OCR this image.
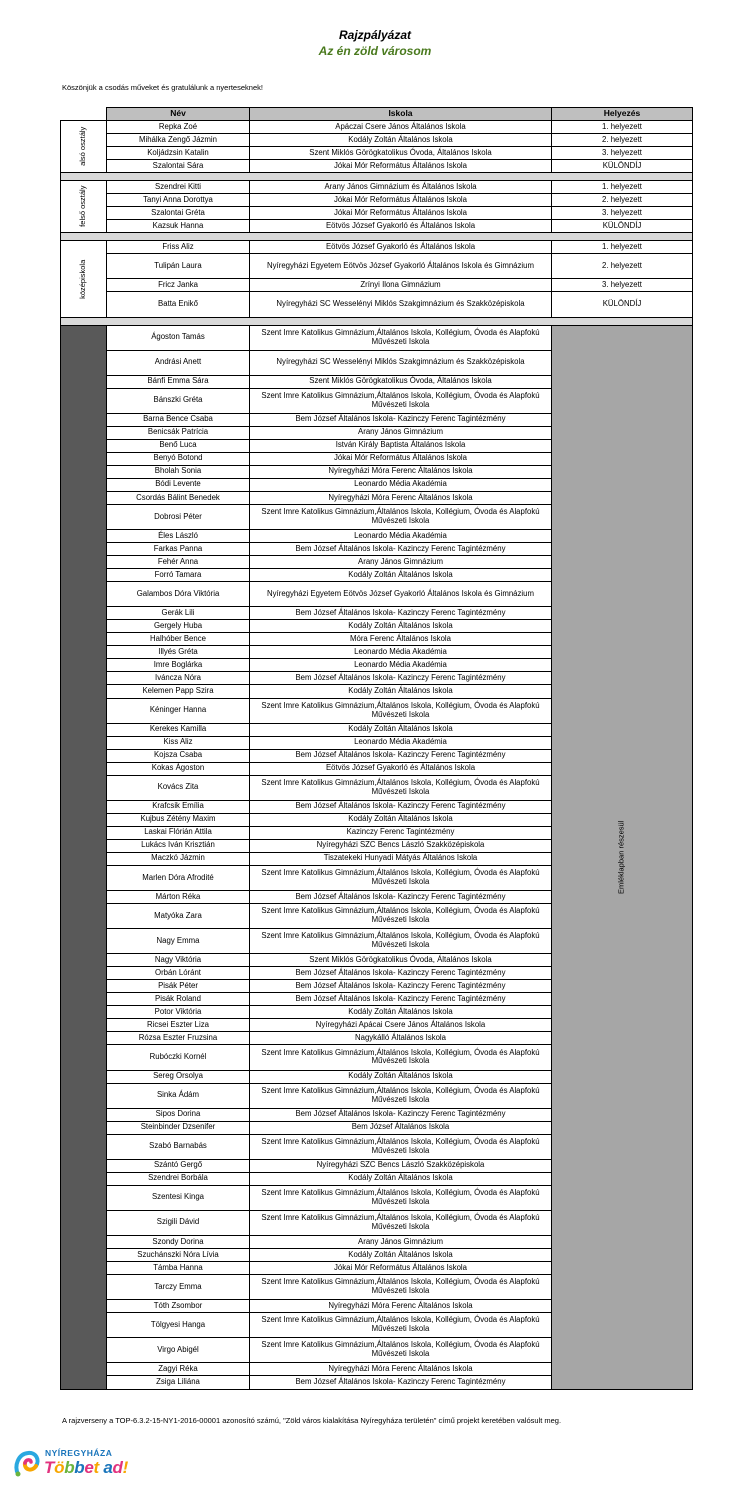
Rajzpályázat
Az én zöld városom
Köszönjük a csodás műveket és gratulálunk a nyerteseknek!
	Név	Iskola	Helyezés

alsó osztály	Repka Zoé	Apáczai Csere János Általános Iskola	1. helyezett
	Mihálka Zengő Jázmin	Kodály Zoltán Általános Iskola	2. helyezett
	Koljádzsin Katalin	Szent Miklós Görögkatolikus Óvoda, Általános Iskola	3. helyezett
	Szalontai Sára	Jókai Mór Református Általános Iskola	KÜLÖNDÍJ

felső osztály	Szendrei Kitti	Arany János Gimnázium és Általános Iskola	1. helyezett
	Tanyi Anna Dorottya	Jókai Mór Református Általános Iskola	2. helyezett
	Szalontai Gréta	Jókai Mór Református Általános Iskola	3. helyezett
	Kazsuk Hanna	Eötvös József Gyakorló és Általános Iskola	KÜLÖNDÍJ

középiskola	Friss Aliz	Eötvös József Gyakorló és Általános Iskola	1. helyezett
	Tulipán Laura	Nyíregyházi Egyetem Eötvös József Gyakorló Általános Iskola és Gimnázium	2. helyezett
	Fricz Janka	Zrínyi Ilona Gimnázium	3. helyezett
	Batta Enikő	Nyíregyházi SC Wesselényi Miklós Szakgimnázium és Szakközépiskola	KÜLÖNDÍJ

	Ágoston Tamás	Szent Imre Katolikus Gimnázium,Általános Iskola, Kollégium, Óvoda és Alapfokú Művészeti Iskola	Emléklapban részesül

	Andrási Anett	Nyíregyházi SC Wesselényi Miklós Szakgimnázium és Szakközépiskola	
	Bánfi Emma Sára	Szent Miklós Görögkatolikus Óvoda, Általános Iskola	
	Bánszki Gréta	Szent Imre Katolikus Gimnázium,Általános Iskola, Kollégium, Óvoda és Alapfokú Művészeti Iskola	
	Barna Bence Csaba	Bem József Általános Iskola- Kazinczy Ferenc Tagintézmény	
	Benicsák Patrícia	Arany János Gimnázium	
	Benő Luca	István Király Baptista Általános Iskola	
	Benyó Botond	Jókai Mór Református Általános Iskola	
	Bholah Sonia	Nyíregyházi Móra Ferenc Általános Iskola	
	Bódi Levente	Leonardo Média Akadémia	
	Csordás Bálint Benedek	Nyíregyházi Móra Ferenc Általános Iskola	
	Dobrosi Péter	Szent Imre Katolikus Gimnázium,Általános Iskola, Kollégium, Óvoda és Alapfokú Művészeti Iskola	
	Éles László	Leonardo Média Akadémia	
	Farkas Panna	Bem József Általános Iskola- Kazinczy Ferenc Tagintézmény	
	Fehér Anna	Arany János Gimnázium	
	Forró Tamara	Kodály Zoltán Általános Iskola	
	Galambos Dóra Viktória	Nyíregyházi Egyetem Eötvös József Gyakorló Általános Iskola és Gimnázium	
	Gerák Lili	Bem József Általános Iskola- Kazinczy Ferenc Tagintézmény	
	Gergely Huba	Kodály Zoltán Általános Iskola	
	Halhóber Bence	Móra Ferenc Általános Iskola	
	Illyés Gréta	Leonardo Média Akadémia	
	Imre Boglárka	Leonardo Média Akadémia	
	Iváncza Nóra	Bem József Általános Iskola- Kazinczy Ferenc Tagintézmény	
	Kelemen Papp Szira	Kodály Zoltán Általános Iskola	
	Kéninger Hanna	Szent Imre Katolikus Gimnázium,Általános Iskola, Kollégium, Óvoda és Alapfokú Művészeti Iskola	
	Kerekes Kamilla	Kodály Zoltán Általános Iskola	
	Kiss Aliz	Leonardo Média Akadémia	
	Kojsza Csaba	Bem József Általános Iskola- Kazinczy Ferenc Tagintézmény	
	Kokas Ágoston	Eötvös József Gyakorló és Általános Iskola	
	Kovács Zita	Szent Imre Katolikus Gimnázium,Általános Iskola, Kollégium, Óvoda és Alapfokú Művészeti Iskola	
	Krafcsik Emília	Bem József Általános Iskola- Kazinczy Ferenc Tagintézmény	
	Kujbus Zétény Maxim	Kodály Zoltán Általános Iskola	
	Laskai Flórián Attila	Kazinczy Ferenc Tagintézmény	
	Lukács Iván Krisztián	Nyíregyházi SZC Bencs László Szakközépiskola	
	Maczkó Jázmin	Tiszatekeki Hunyadi Mátyás Általános Iskola	
	Marlen Dóra Afrodité	Szent Imre Katolikus Gimnázium,Általános Iskola, Kollégium, Óvoda és Alapfokú Művészeti Iskola	
	Márton Réka	Bem József Általános Iskola- Kazinczy Ferenc Tagintézmény	
	Matyóka Zara	Szent Imre Katolikus Gimnázium,Általános Iskola, Kollégium, Óvoda és Alapfokú Művészeti Iskola	
	Nagy Emma	Szent Imre Katolikus Gimnázium,Általános Iskola, Kollégium, Óvoda és Alapfokú Művészeti Iskola	
	Nagy Viktória	Szent Miklós Görögkatolikus Óvoda, Általános Iskola	
	Orbán Lóránt	Bem József Általános Iskola- Kazinczy Ferenc Tagintézmény	
	Pisák Péter	Bem József Általános Iskola- Kazinczy Ferenc Tagintézmény	
	Pisák Roland	Bem József Általános Iskola- Kazinczy Ferenc Tagintézmény	
	Potor Viktória	Kodály Zoltán Általános Iskola	
	Ricsei Eszter Liza	Nyíregyházi Apácai Csere János Általános Iskola	
	Rózsa Eszter Fruzsina	Nagykálló Általános Iskola	
	Rubóczki Kornél	Szent Imre Katolikus Gimnázium,Általános Iskola, Kollégium, Óvoda és Alapfokú Művészeti Iskola	
	Sereg Orsolya	Kodály Zoltán Általános Iskola	
	Sinka Ádám	Szent Imre Katolikus Gimnázium,Általános Iskola, Kollégium, Óvoda és Alapfokú Művészeti Iskola	
	Sipos Dorina	Bem József Általános Iskola- Kazinczy Ferenc Tagintézmény	
	Steinbinder Dzsenifer	Bem József Általános Iskola	
	Szabó Barnabás	Szent Imre Katolikus Gimnázium,Általános Iskola, Kollégium, Óvoda és Alapfokú Művészeti Iskola	
	Szántó Gergő	Nyíregyházi SZC Bencs László Szakközépiskola	
	Szendrei Borbála	Kodály Zoltán Általános Iskola	
	Szentesi Kinga	Szent Imre Katolikus Gimnázium,Általános Iskola, Kollégium, Óvoda és Alapfokú Művészeti Iskola	
	Szigili Dávid	Szent Imre Katolikus Gimnázium,Általános Iskola, Kollégium, Óvoda és Alapfokú Művészeti Iskola	
	Szondy Dorina	Arany János Gimnázium	
	Szuchánszki Nóra Lívia	Kodály Zoltán Általános Iskola	
	Támba Hanna	Jókai Mór Református Általános Iskola	
	Tarczy Emma	Szent Imre Katolikus Gimnázium,Általános Iskola, Kollégium, Óvoda és Alapfokú Művészeti Iskola	
	Tóth Zsombor	Nyíregyházi Móra Ferenc Általános Iskola	
	Tölgyesi Hanga	Szent Imre Katolikus Gimnázium,Általános Iskola, Kollégium, Óvoda és Alapfokú Művészeti Iskola	
	Virgo Abigél	Szent Imre Katolikus Gimnázium,Általános Iskola, Kollégium, Óvoda és Alapfokú Művészeti Iskola	
	Zagyi Réka	Nyíregyházi Móra Ferenc Általános Iskola	
	Zsiga Liliána	Bem József Általános Iskola- Kazinczy Ferenc Tagintézmény	
A rajzverseny a TOP-6.3.2-15-NY1-2016-00001 azonosító számú, "Zöld város kialakítása Nyíregyháza területén" című projekt keretében valósult meg.
NYÍREGYHÁZA
Többet ad!
